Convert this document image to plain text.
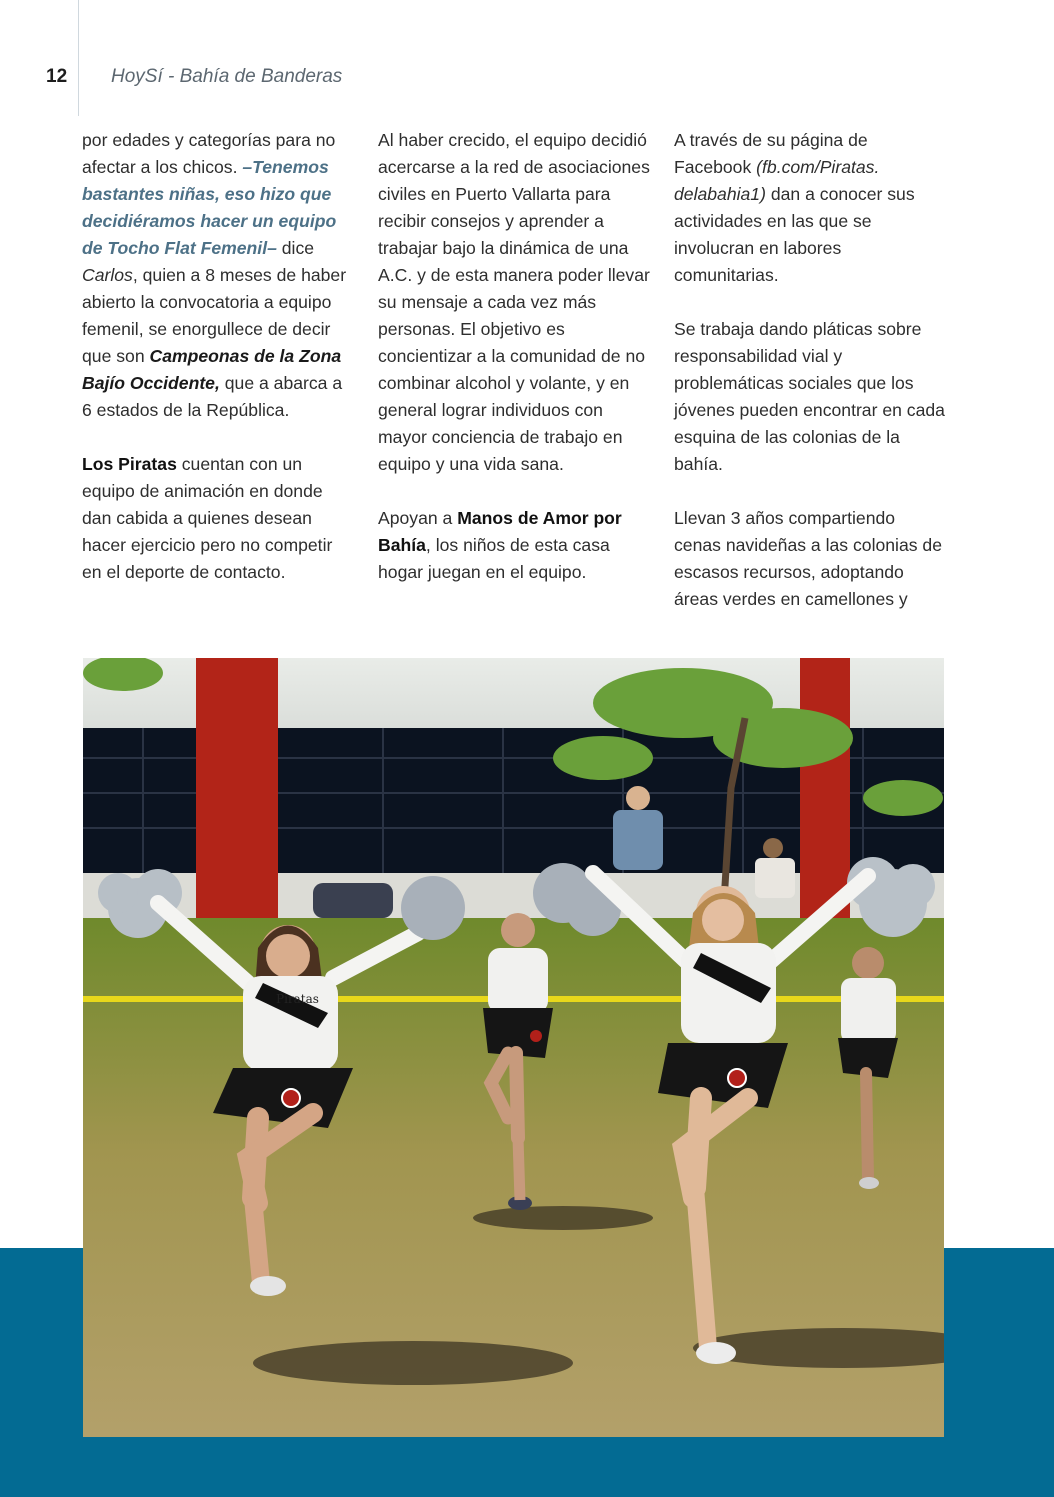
12 HoySí - Bahía de Banderas

por edades y categorías para no afectar a los chicos. –Tenemos bastantes niñas, eso hizo que decidiéramos hacer un equipo de Tocho Flat Femenil– dice Carlos, quien a 8 meses de haber abierto la convocatoria a equipo femenil, se enorgullece de decir que son Campeonas de la Zona Bajío Occidente, que a abarca a 6 estados de la República.

Los Piratas cuentan con un equipo de animación en donde dan cabida a quienes desean hacer ejercicio pero no competir en el deporte de contacto.

Al haber crecido, el equipo decidió acercarse a la red de asociaciones civiles en Puerto Vallarta para recibir consejos y aprender a trabajar bajo la dinámica de una A.C. y de esta manera poder llevar su mensaje a cada vez más personas. El objetivo es concientizar a la comunidad de no combinar alcohol y volante, y en general lograr individuos con mayor conciencia de trabajo en equipo y una vida sana.

Apoyan a Manos de Amor por Bahía, los niños de esta casa hogar juegan en el equipo.

A través de su página de Facebook (fb.com/Piratas. delabahia1) dan a conocer sus actividades en las que se involucran en labores comunitarias.

Se trabaja dando pláticas sobre responsabilidad vial y problemáticas sociales que los jóvenes pueden encontrar en cada esquina de las colonias de la bahía.

Llevan 3 años compartiendo cenas navideñas a las colonias de escasos recursos, adoptando áreas verdes en camellones y

Piratas
